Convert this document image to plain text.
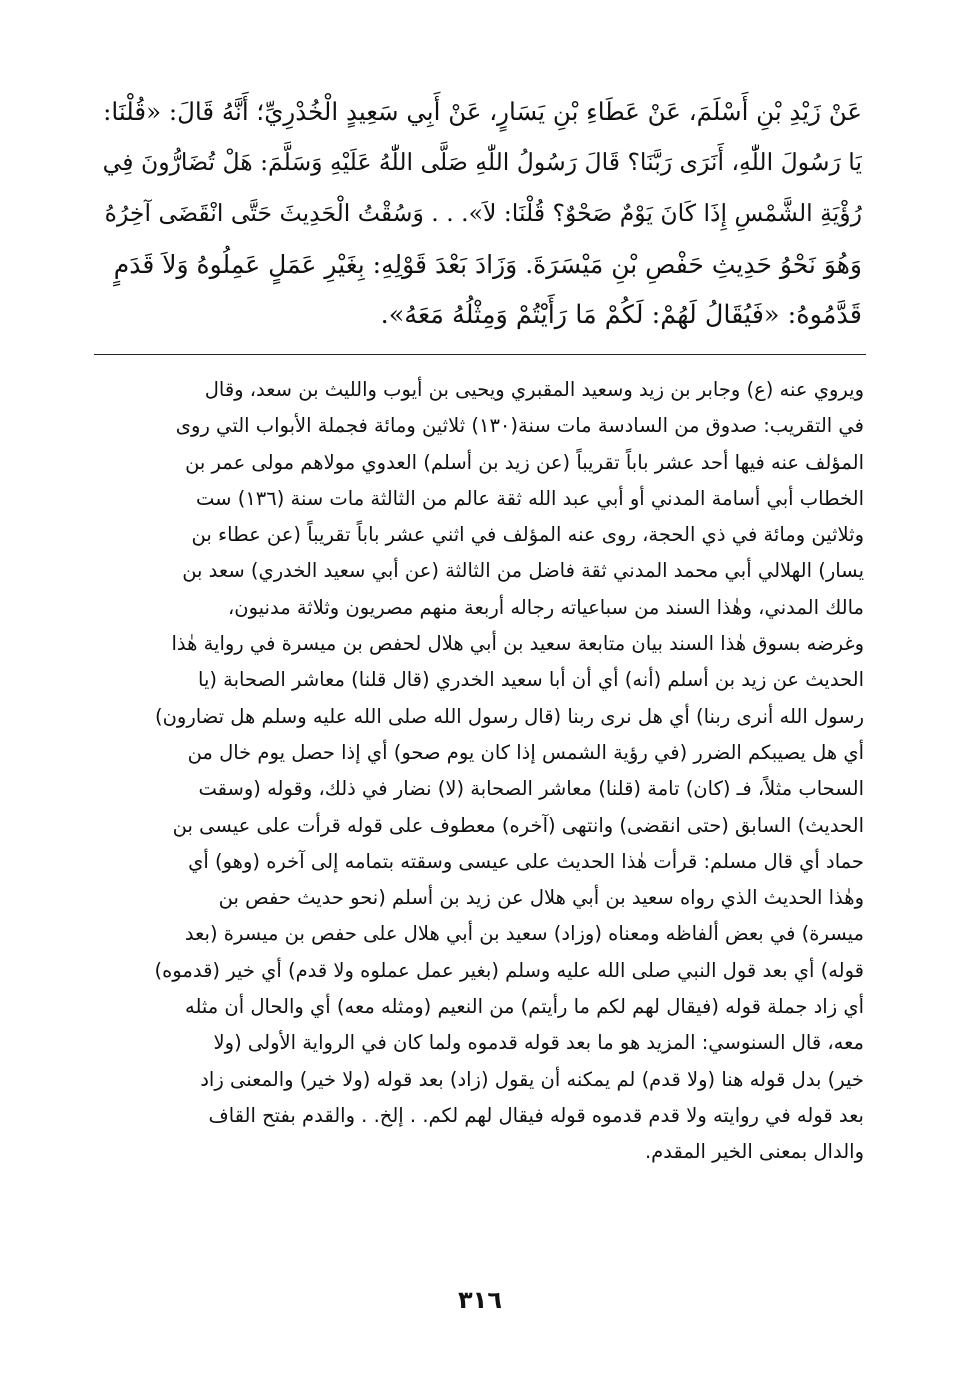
عَنْ زَيْدِ بْنِ أَسْلَمَ، عَنْ عَطَاءِ بْنِ يَسَارٍ، عَنْ أَبِي سَعِيدٍ الْخُدْرِيِّ؛ أَنَّهُ قَالَ: «قُلْنَا:
يَا رَسُولَ اللّٰهِ، أَنَرَى رَبَّنَا؟ قَالَ رَسُولُ اللّٰهِ صَلَّى اللّٰهُ عَلَيْهِ وَسَلَّمَ: هَلْ تُضَارُّونَ فِي
رُؤْيَةِ الشَّمْسِ إِذَا كَانَ يَوْمٌ صَحْوٌ؟ قُلْنَا: لاَ». . . وَسُقْتُ الْحَدِيثَ حَتَّى انْقَضَى آخِرُهُ
وَهُوَ نَحْوُ حَدِيثِ حَفْصِ بْنِ مَيْسَرَةَ. وَزَادَ بَعْدَ قَوْلِهِ: بِغَيْرِ عَمَلٍ عَمِلُوهُ وَلاَ قَدَمٍ
قَدَّمُوهُ: «فَيُقَالُ لَهُمْ: لَكُمْ مَا رَأَيْتُمْ وَمِثْلُهُ مَعَهُ».
ويروي عنه (ع) وجابر بن زيد وسعيد المقبري ويحيى بن أيوب والليث بن سعد، وقال
في التقريب: صدوق من السادسة مات سنة(١٣٠) ثلاثين ومائة فجملة الأبواب التي روى
المؤلف عنه فيها أحد عشر باباً تقريباً (عن زيد بن أسلم) العدوي مولاهم مولى عمر بن
الخطاب أبي أسامة المدني أو أبي عبد الله ثقة عالم من الثالثة مات سنة (١٣٦) ست
وثلاثين ومائة في ذي الحجة، روى عنه المؤلف في اثني عشر باباً تقريباً (عن عطاء بن
يسار) الهلالي أبي محمد المدني ثقة فاضل من الثالثة (عن أبي سعيد الخدري) سعد بن
مالك المدني، وهٰذا السند من سباعياته رجاله أربعة منهم مصريون وثلاثة مدنيون،
وغرضه بسوق هٰذا السند بيان متابعة سعيد بن أبي هلال لحفص بن ميسرة في رواية هٰذا
الحديث عن زيد بن أسلم (أنه) أي أن أبا سعيد الخدري (قال قلنا) معاشر الصحابة (يا
رسول الله أنرى ربنا) أي هل نرى ربنا (قال رسول الله صلى الله عليه وسلم هل تضارون)
أي هل يصيبكم الضرر (في رؤية الشمس إذا كان يوم صحو) أي إذا حصل يوم خال من
السحاب مثلاً، فـ (كان) تامة (قلنا) معاشر الصحابة (لا) نضار في ذلك، وقوله (وسقت
الحديث) السابق (حتى انقضى) وانتهى (آخره) معطوف على قوله قرأت على عيسى بن
حماد أي قال مسلم: قرأت هٰذا الحديث على عيسى وسقته بتمامه إلى آخره (وهو) أي
وهٰذا الحديث الذي رواه سعيد بن أبي هلال عن زيد بن أسلم (نحو حديث حفص بن
ميسرة) في بعض ألفاظه ومعناه (وزاد) سعيد بن أبي هلال على حفص بن ميسرة (بعد
قوله) أي بعد قول النبي صلى الله عليه وسلم (بغير عمل عملوه ولا قدم) أي خير (قدموه)
أي زاد جملة قوله (فيقال لهم لكم ما رأيتم) من النعيم (ومثله معه) أي والحال أن مثله
معه، قال السنوسي: المزيد هو ما بعد قوله قدموه ولما كان في الرواية الأولى (ولا
خير) بدل قوله هنا (ولا قدم) لم يمكنه أن يقول (زاد) بعد قوله (ولا خير) والمعنى زاد
بعد قوله في روايته ولا قدم قدموه قوله فيقال لهم لكم. . إلخ. . والقدم بفتح القاف
والدال بمعنى الخير المقدم.
٣١٦
